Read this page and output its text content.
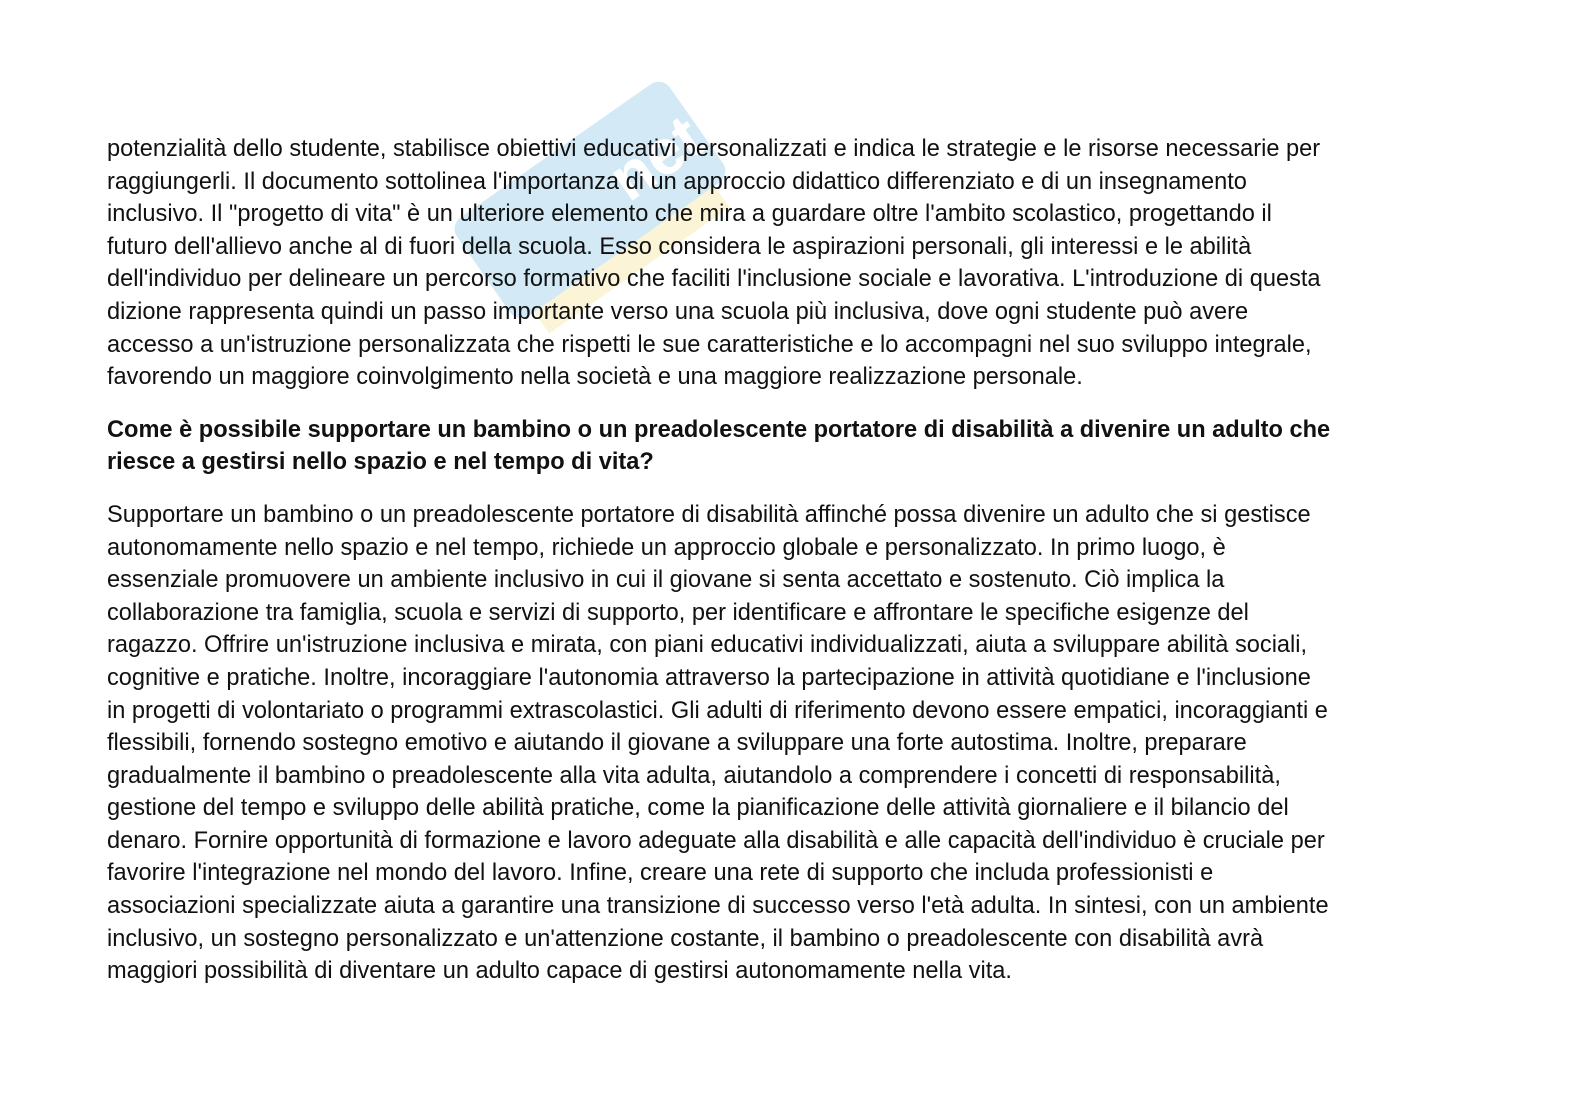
net

potenzialità dello studente, stabilisce obiettivi educativi personalizzati e indica le strategie e le risorse necessarie per
raggiungerli. Il documento sottolinea l'importanza di un approccio didattico differenziato e di un insegnamento
inclusivo. Il "progetto di vita" è un ulteriore elemento che mira a guardare oltre l'ambito scolastico, progettando il
futuro dell'allievo anche al di fuori della scuola. Esso considera le aspirazioni personali, gli interessi e le abilità
dell'individuo per delineare un percorso formativo che faciliti l'inclusione sociale e lavorativa. L'introduzione di questa
dizione rappresenta quindi un passo importante verso una scuola più inclusiva, dove ogni studente può avere
accesso a un'istruzione personalizzata che rispetti le sue caratteristiche e lo accompagni nel suo sviluppo integrale,
favorendo un maggiore coinvolgimento nella società e una maggiore realizzazione personale.

Come è possibile supportare un bambino o un preadolescente portatore di disabilità a divenire un adulto che
riesce a gestirsi nello spazio e nel tempo di vita?

Supportare un bambino o un preadolescente portatore di disabilità affinché possa divenire un adulto che si gestisce
autonomamente nello spazio e nel tempo, richiede un approccio globale e personalizzato. In primo luogo, è
essenziale promuovere un ambiente inclusivo in cui il giovane si senta accettato e sostenuto. Ciò implica la
collaborazione tra famiglia, scuola e servizi di supporto, per identificare e affrontare le specifiche esigenze del
ragazzo. Offrire un'istruzione inclusiva e mirata, con piani educativi individualizzati, aiuta a sviluppare abilità sociali,
cognitive e pratiche. Inoltre, incoraggiare l'autonomia attraverso la partecipazione in attività quotidiane e l'inclusione
in progetti di volontariato o programmi extrascolastici. Gli adulti di riferimento devono essere empatici, incoraggianti e
flessibili, fornendo sostegno emotivo e aiutando il giovane a sviluppare una forte autostima. Inoltre, preparare
gradualmente il bambino o preadolescente alla vita adulta, aiutandolo a comprendere i concetti di responsabilità,
gestione del tempo e sviluppo delle abilità pratiche, come la pianificazione delle attività giornaliere e il bilancio del
denaro. Fornire opportunità di formazione e lavoro adeguate alla disabilità e alle capacità dell'individuo è cruciale per
favorire l'integrazione nel mondo del lavoro. Infine, creare una rete di supporto che includa professionisti e
associazioni specializzate aiuta a garantire una transizione di successo verso l'età adulta. In sintesi, con un ambiente
inclusivo, un sostegno personalizzato e un'attenzione costante, il bambino o preadolescente con disabilità avrà
maggiori possibilità di diventare un adulto capace di gestirsi autonomamente nella vita.
